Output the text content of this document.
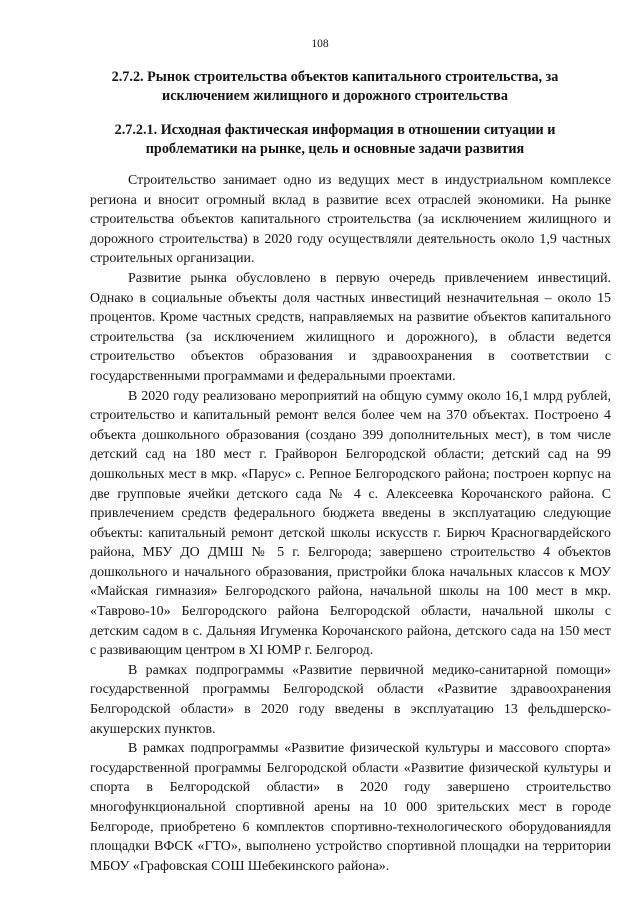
108
2.7.2. Рынок строительства объектов капитального строительства, за исключением жилищного и дорожного строительства
2.7.2.1. Исходная фактическая информация в отношении ситуации и проблематики на рынке, цель и основные задачи развития

Строительство занимает одно из ведущих мест в индустриальном комплексе региона и вносит огромный вклад в развитие всех отраслей экономики. На рынке строительства объектов капитального строительства (за исключением жилищного и дорожного строительства) в 2020 году осуществляли деятельность около 1,9 частных строительных организации.

Развитие рынка обусловлено в первую очередь привлечением инвестиций. Однако в социальные объекты доля частных инвестиций незначительная – около 15 процентов. Кроме частных средств, направляемых на развитие объектов капитального строительства (за исключением жилищного и дорожного), в области ведется строительство объектов образования и здравоохранения в соответствии с государственными программами и федеральными проектами.

В 2020 году реализовано мероприятий на общую сумму около 16,1 млрд рублей, строительство и капитальный ремонт велся более чем на 370 объектах. Построено 4 объекта дошкольного образования (создано 399 дополнительных мест), в том числе детский сад на 180 мест г. Грайворон Белгородской области; детский сад на 99 дошкольных мест в мкр. «Парус» с. Репное Белгородского района; построен корпус на две групповые ячейки детского сада № 4 с. Алексеевка Корочанского района. С привлечением средств федерального бюджета введены в эксплуатацию следующие объекты: капитальный ремонт детской школы искусств г. Бирюч Красногвардейского района, МБУ ДО ДМШ № 5 г. Белгорода; завершено строительство 4 объектов дошкольного и начального образования, пристройки блока начальных классов к МОУ «Майская гимназия» Белгородского района, начальной школы на 100 мест в мкр. «Таврово-10» Белгородского района Белгородской области, начальной школы с детским садом в с. Дальняя Игуменка Корочанского района, детского сада на 150 мест с развивающим центром в XI ЮМР г. Белгород.

В рамках подпрограммы «Развитие первичной медико-санитарной помощи» государственной программы Белгородской области «Развитие здравоохранения Белгородской области» в 2020 году введены в эксплуатацию 13 фельдшерско-акушерских пунктов.

В рамках подпрограммы «Развитие физической культуры и массового спорта» государственной программы Белгородской области «Развитие физической культуры и спорта в Белгородской области» в 2020 году завершено строительство многофункциональной спортивной арены на 10 000 зрительских мест в городе Белгороде, приобретено 6 комплектов спортивно-технологического оборудованиядля площадки ВФСК «ГТО», выполнено устройство спортивной площадки на территории МБОУ «Графовская СОШ Шебекинского района».
